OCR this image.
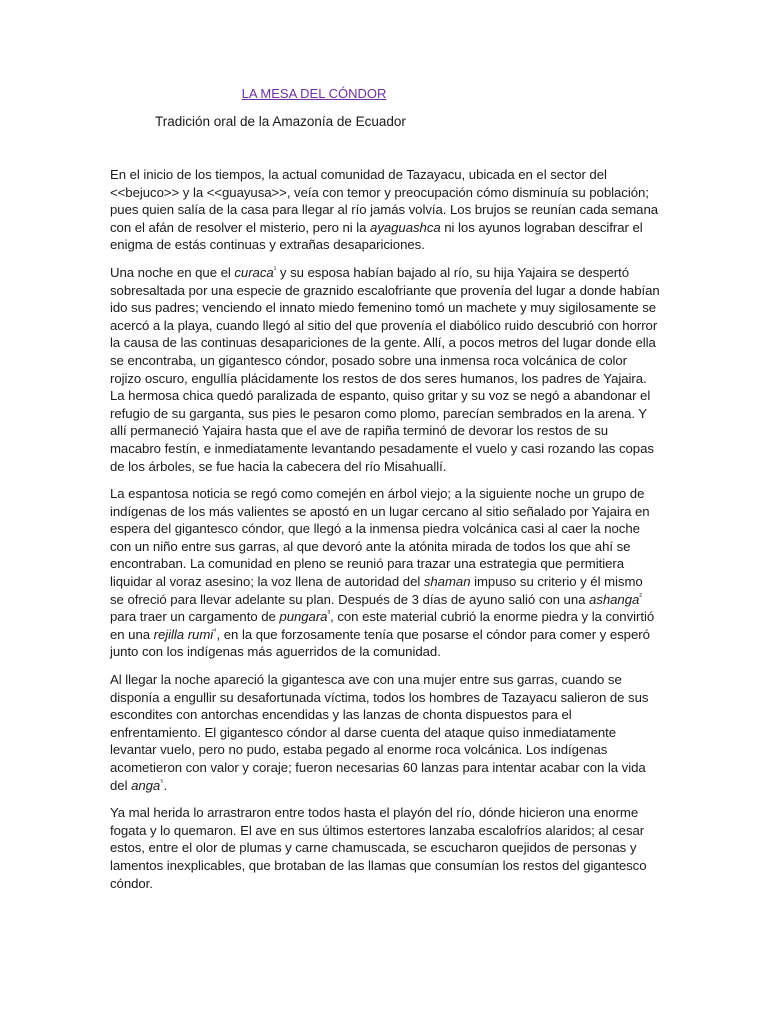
LA MESA DEL CÓNDOR

Tradición oral de la Amazonía de Ecuador

En el inicio de los tiempos, la actual comunidad de Tazayacu, ubicada en el sector del <<bejuco>> y la <<guayusa>>, veía con temor y preocupación cómo disminuía su población; pues quien salía de la casa para llegar al río jamás volvía. Los brujos se reunían cada semana con el afán de resolver el misterio, pero ni la ayaguashca ni los ayunos lograban descifrar el enigma de estás continuas y extrañas desapariciones.

Una noche en que el curaca$^{^1}$ y su esposa habían bajado al río, su hija Yajaira se despertó sobresaltada por una especie de graznido escalofriante que provenía del lugar a donde habían ido sus padres; venciendo el innato miedo femenino tomó un machete y muy sigilosamente se acercó a la playa, cuando llegó al sitio del que provenía el diabólico ruido descubrió con horror la causa de las continuas desapariciones de la gente. Allí, a pocos metros del lugar donde ella se encontraba, un gigantesco cóndor, posado sobre una inmensa roca volcánica de color rojizo oscuro, engullía plácidamente los restos de dos seres humanos, los padres de Yajaira. La hermosa chica quedó paralizada de espanto, quiso gritar y su voz se negó a abandonar el refugio de su garganta, sus pies le pesaron como plomo, parecían sembrados en la arena. Y allí permaneció Yajaira hasta que el ave de rapiña terminó de devorar los restos de su macabro festín, e inmediatamente levantando pesadamente el vuelo y casi rozando las copas de los árboles, se fue hacia la cabecera del río Misahuallí.

La espantosa noticia se regó como comején en árbol viejo; a la siguiente noche un grupo de indígenas de los más valientes se apostó en un lugar cercano al sitio señalado por Yajaira en espera del gigantesco cóndor, que llegó a la inmensa piedra volcánica casi al caer la noche con un niño entre sus garras, al que devoró ante la atónita mirada de todos los que ahí se encontraban. La comunidad en pleno se reunió para trazar una estrategia que permitiera liquidar al voraz asesino; la voz llena de autoridad del shaman impuso su criterio y él mismo se ofreció para llevar adelante su plan. Después de 3 días de ayuno salió con una ashanga$^{^2}$ para traer un cargamento de pungara$^{^3}$, con este material cubrió la enorme piedra y la convirtió en una rejilla rumi$^{^4}$, en la que forzosamente tenía que posarse el cóndor para comer y esperó junto con los indígenas más aguerridos de la comunidad.

Al llegar la noche apareció la gigantesca ave con una mujer entre sus garras, cuando se disponía a engullir su desafortunada víctima, todos los hombres de Tazayacu salieron de sus escondites con antorchas encendidas y las lanzas de chonta dispuestos para el enfrentamiento. El gigantesco cóndor al darse cuenta del ataque quiso inmediatamente levantar vuelo, pero no pudo, estaba pegado al enorme roca volcánica. Los indígenas acometieron con valor y coraje; fueron necesarias 60 lanzas para intentar acabar con la vida del anga$^{^5}$.

Ya mal herida lo arrastraron entre todos hasta el playón del río, dónde hicieron una enorme fogata y lo quemaron. El ave en sus últimos estertores lanzaba escalofríos alaridos; al cesar estos, entre el olor de plumas y carne chamuscada, se escucharon quejidos de personas y lamentos inexplicables, que brotaban de las llamas que consumían los restos del gigantesco cóndor.
